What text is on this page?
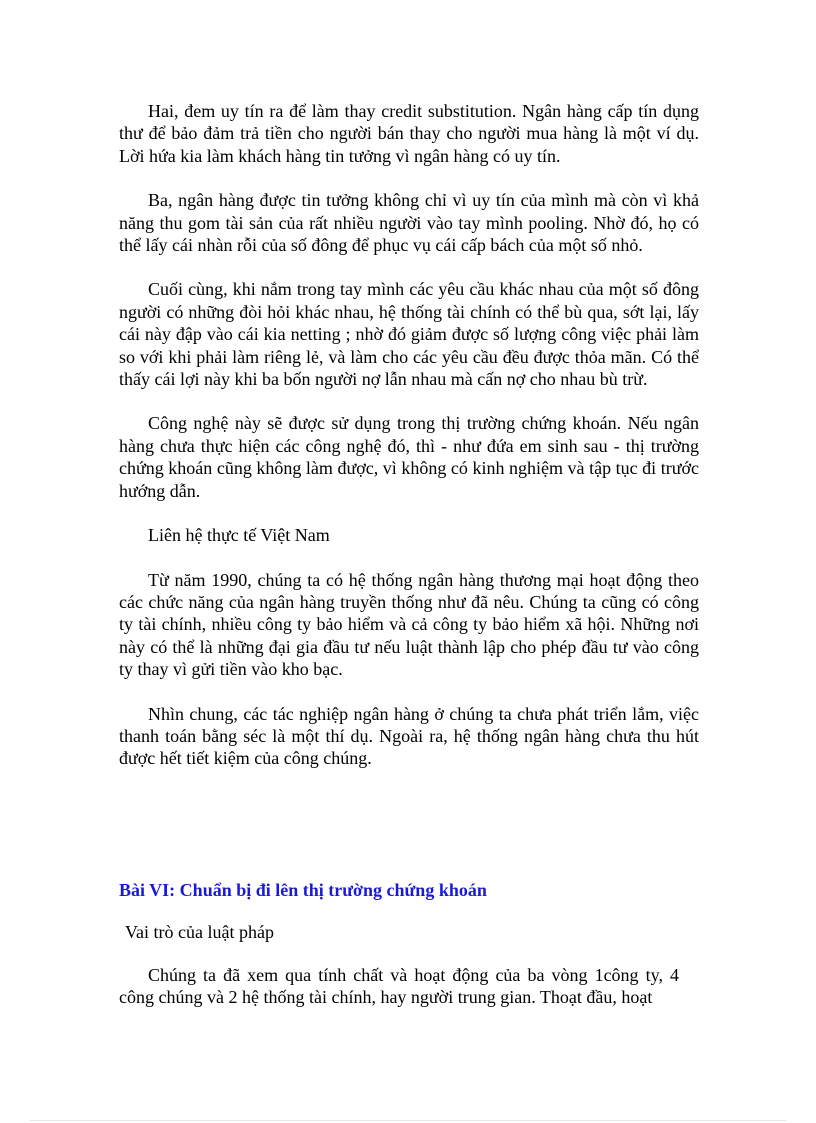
Hai, đem uy tín ra để làm thay credit substitution. Ngân hàng cấp tín dụng thư để bảo đảm trả tiền cho người bán thay cho người mua hàng là một ví dụ. Lời hứa kia làm khách hàng tin tưởng vì ngân hàng có uy tín.

Ba, ngân hàng được tin tưởng không chỉ vì uy tín của mình mà còn vì khả năng thu gom tài sản của rất nhiều người vào tay mình pooling. Nhờ đó, họ có thể lấy cái nhàn rỗi của số đông để phục vụ cái cấp bách của một số nhỏ.

Cuối cùng, khi nắm trong tay mình các yêu cầu khác nhau của một số đông người có những đòi hỏi khác nhau, hệ thống tài chính có thể bù qua, sớt lại, lấy cái này đập vào cái kia netting ; nhờ đó giảm được số lượng công việc phải làm so với khi phải làm riêng lẻ, và làm cho các yêu cầu đều được thỏa mãn. Có thể thấy cái lợi này khi ba bốn người nợ lẫn nhau mà cấn nợ cho nhau bù trừ.

Công nghệ này sẽ được sử dụng trong thị trường chứng khoán. Nếu ngân hàng chưa thực hiện các công nghệ đó, thì - như đứa em sinh sau - thị trường chứng khoán cũng không làm được, vì không có kinh nghiệm và tập tục đi trước hướng dẫn.

Liên hệ thực tế Việt Nam

Từ năm 1990, chúng ta có hệ thống ngân hàng thương mại hoạt động theo các chức năng của ngân hàng truyền thống như đã nêu. Chúng ta cũng có công ty tài chính, nhiều công ty bảo hiểm và cả công ty bảo hiểm xã hội. Những nơi này có thể là những đại gia đầu tư nếu luật thành lập cho phép đầu tư vào công ty thay vì gửi tiền vào kho bạc.

Nhìn chung, các tác nghiệp ngân hàng ở chúng ta chưa phát triển lắm, việc thanh toán bằng séc là một thí dụ. Ngoài ra, hệ thống ngân hàng chưa thu hút được hết tiết kiệm của công chúng.

Bài VI: Chuẩn bị đi lên thị trường chứng khoán

Vai trò của luật pháp

Chúng ta đã xem qua tính chất và hoạt động của ba vòng 1công ty, 4 công chúng và 2 hệ thống tài chính, hay người trung gian. Thoạt đầu, hoạt
